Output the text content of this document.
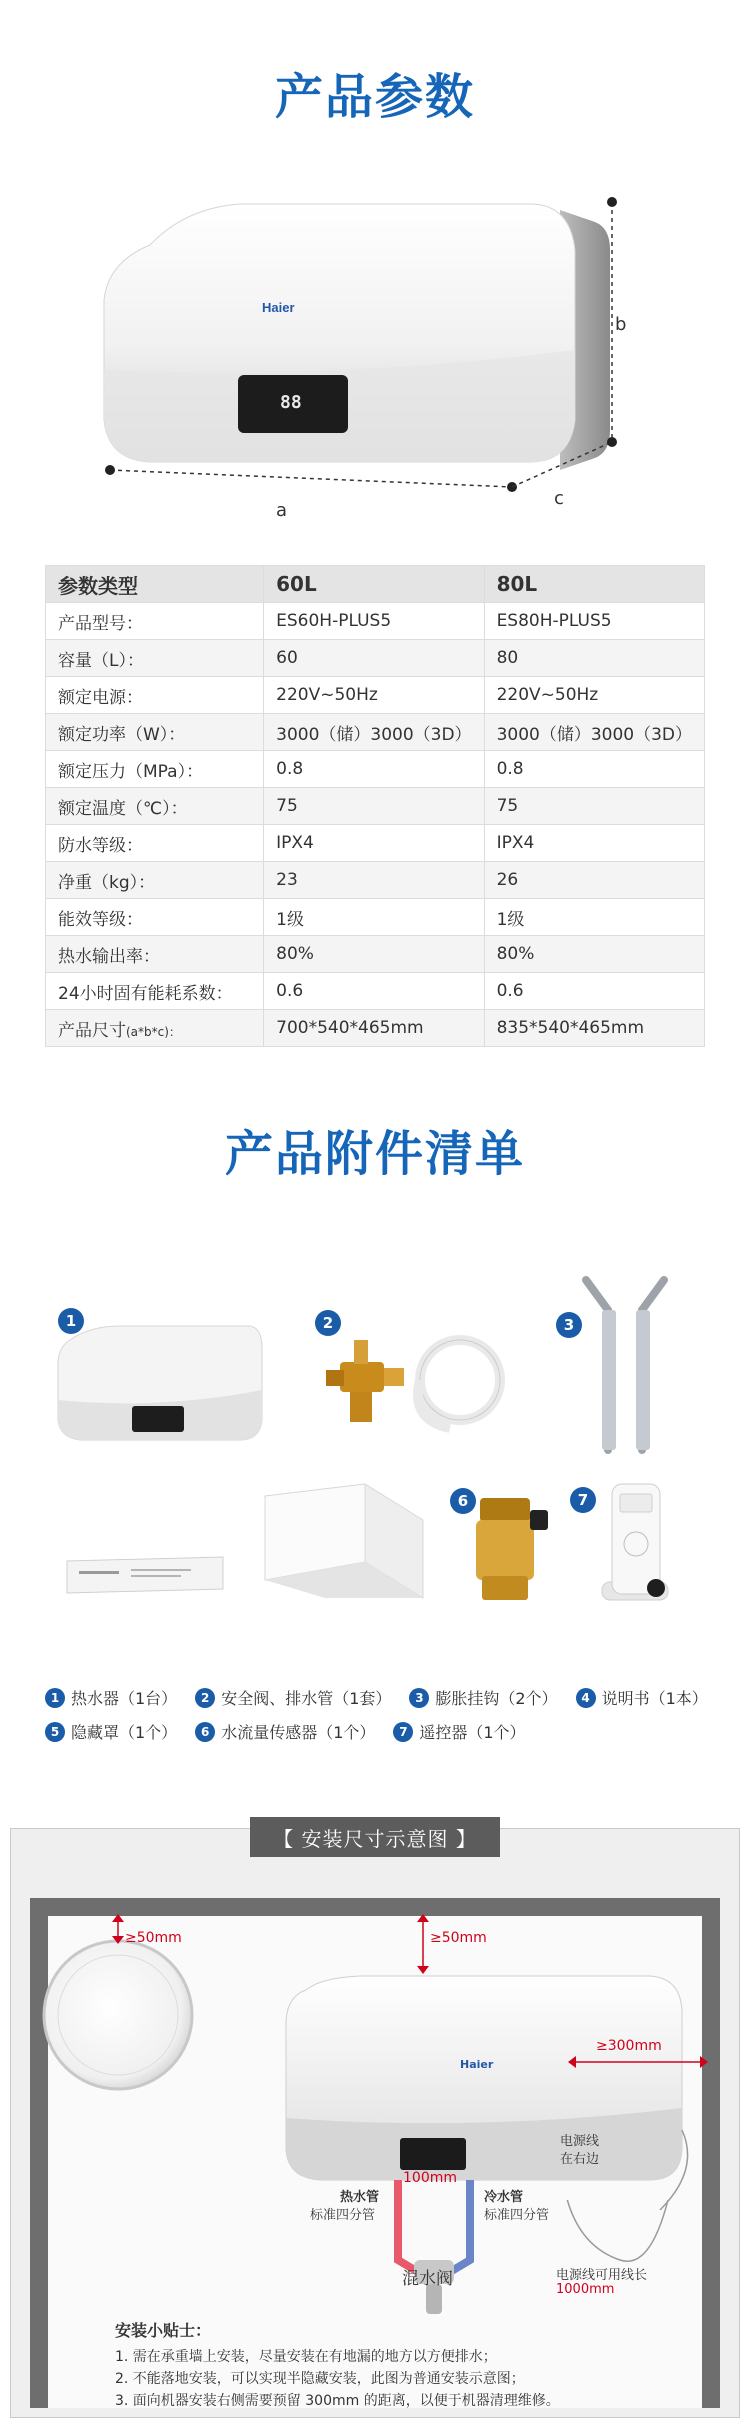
产品参数
Haier
88
a
b
c
参数类型	60L	80L
产品型号：	ES60H-PLUS5	ES80H-PLUS5
容量（L）：	60	80
额定电源：	220V~50Hz	220V~50Hz
额定功率（W）：	3000（储）3000（3D）	3000（储）3000（3D）
额定压力（MPa）：	0.8	0.8
额定温度（℃）：	75	75
防水等级：	IPX4	IPX4
净重（kg）：	23	26
能效等级：	1级	1级
热水输出率：	80%	80%
24小时固有能耗系数：	0.6	0.6
产品尺寸(a*b*c)：	700*540*465mm	835*540*465mm
产品附件清单
1	2	3
6	7
1 热水器（1台）	2 安全阀、排水管（1套）	3 膨胀挂钩（2个）	4 说明书（1本）
5 隐藏罩（1个）	6 水流量传感器（1个）	7 遥控器（1个）
【 安装尺寸示意图 】
Haier
≥50mm	≥50mm
≥300mm
100mm
热水管
标准四分管
冷水管
标准四分管
混水阀
电源线
在右边
电源线可用线长
1000mm
安装小贴士：
1. 需在承重墙上安装，尽量安装在有地漏的地方以方便排水；
2. 不能落地安装，可以实现半隐藏安装，此图为普通安装示意图；
3. 面向机器安装右侧需要预留 300mm 的距离，以便于机器清理维修。
